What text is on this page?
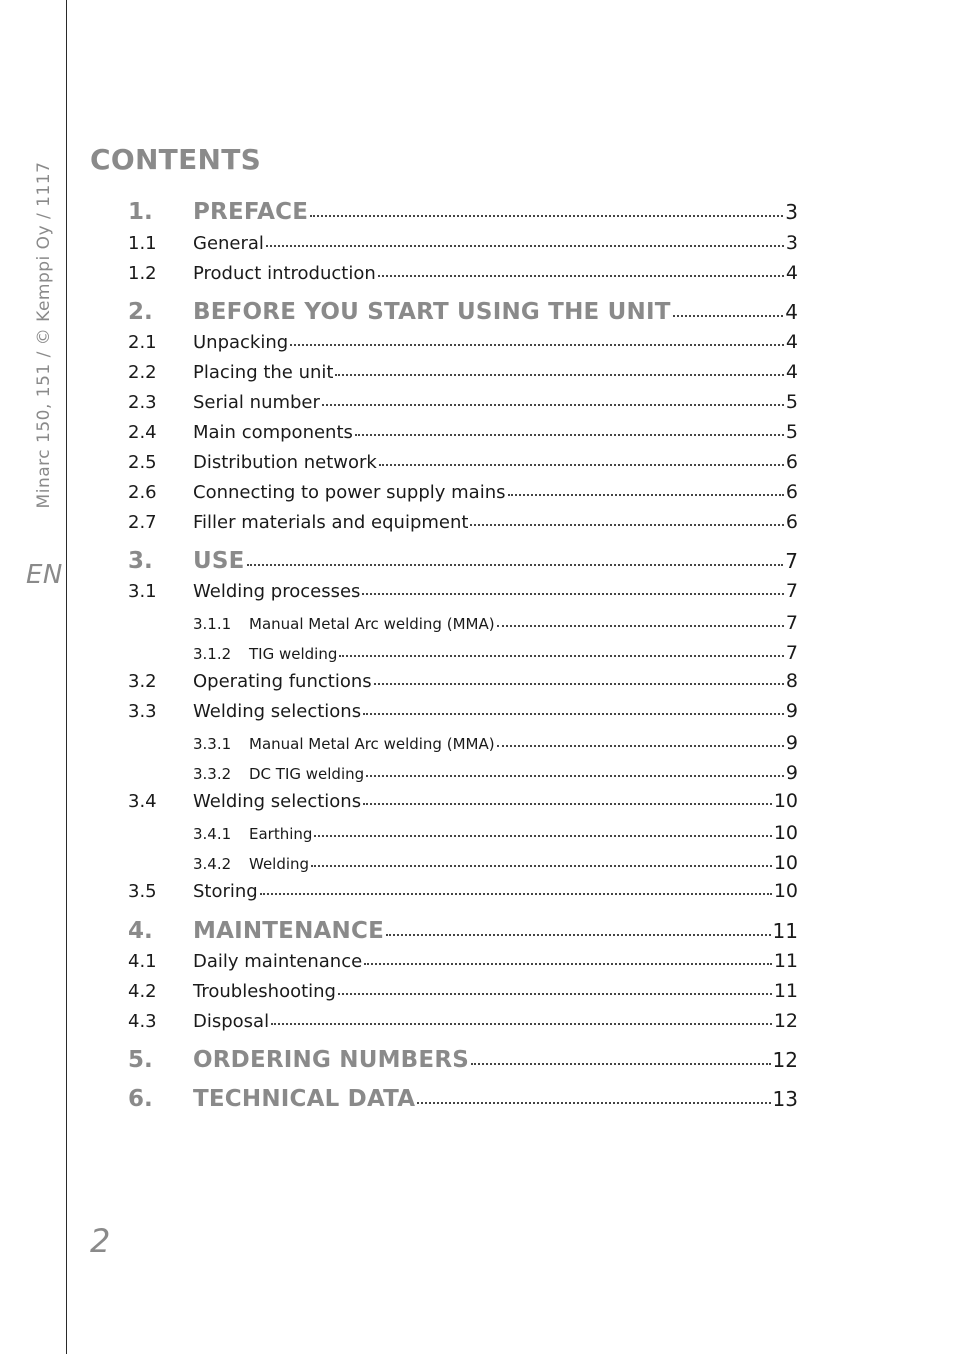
Minarc 150, 151 / © Kemppi Oy / 1117
EN
2
CONTENTS
1.	PREFACE	3
1.1	General	3
1.2	Product introduction	4
2.	BEFORE YOU START USING THE UNIT	4
2.1	Unpacking	4
2.2	Placing the unit	4
2.3	Serial number	5
2.4	Main components	5
2.5	Distribution network	6
2.6	Connecting to power supply mains	6
2.7	Filler materials and equipment	6
3.	USE	7
3.1	Welding processes	7
3.1.1	Manual Metal Arc welding (MMA)	7
3.1.2	TIG welding	7
3.2	Operating functions	8
3.3	Welding selections	9
3.3.1	Manual Metal Arc welding (MMA)	9
3.3.2	DC TIG welding	9
3.4	Welding selections	10
3.4.1	Earthing	10
3.4.2	Welding	10
3.5	Storing	10
4.	MAINTENANCE	11
4.1	Daily maintenance	11
4.2	Troubleshooting	11
4.3	Disposal	12
5.	ORDERING NUMBERS	12
6.	TECHNICAL DATA	13
